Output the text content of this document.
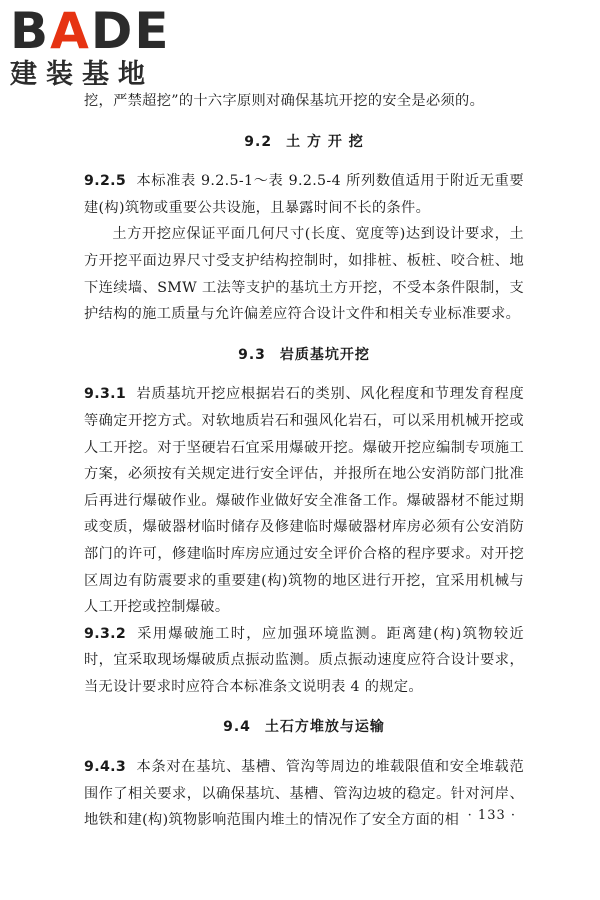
BADE
建装基地

挖，严禁超挖”的十六字原则对确保基坑开挖的安全是必须的。

9.2 土 方 开 挖

9.2.5 本标准表 9.2.5-1～表 9.2.5-4 所列数值适用于附近无重要建(构)筑物或重要公共设施，且暴露时间不长的条件。

土方开挖应保证平面几何尺寸(长度、宽度等)达到设计要求，土方开挖平面边界尺寸受支护结构控制时，如排桩、板桩、咬合桩、地下连续墙、SMW 工法等支护的基坑土方开挖，不受本条件限制，支护结构的施工质量与允许偏差应符合设计文件和相关专业标准要求。

9.3 岩质基坑开挖

9.3.1 岩质基坑开挖应根据岩石的类别、风化程度和节理发育程度等确定开挖方式。对软地质岩石和强风化岩石，可以采用机械开挖或人工开挖。对于坚硬岩石宜采用爆破开挖。爆破开挖应编制专项施工方案，必须按有关规定进行安全评估，并报所在地公安消防部门批准后再进行爆破作业。爆破作业做好安全准备工作。爆破器材不能过期或变质，爆破器材临时储存及修建临时爆破器材库房必须有公安消防部门的许可，修建临时库房应通过安全评价合格的程序要求。对开挖区周边有防震要求的重要建(构)筑物的地区进行开挖，宜采用机械与人工开挖或控制爆破。

9.3.2 采用爆破施工时，应加强环境监测。距离建(构)筑物较近时，宜采取现场爆破质点振动监测。质点振动速度应符合设计要求，当无设计要求时应符合本标准条文说明表 4 的规定。

9.4 土石方堆放与运输

9.4.3 本条对在基坑、基槽、管沟等周边的堆载限值和安全堆载范围作了相关要求，以确保基坑、基槽、管沟边坡的稳定。针对河岸、地铁和建(构)筑物影响范围内堆土的情况作了安全方面的相 · 133 ·
